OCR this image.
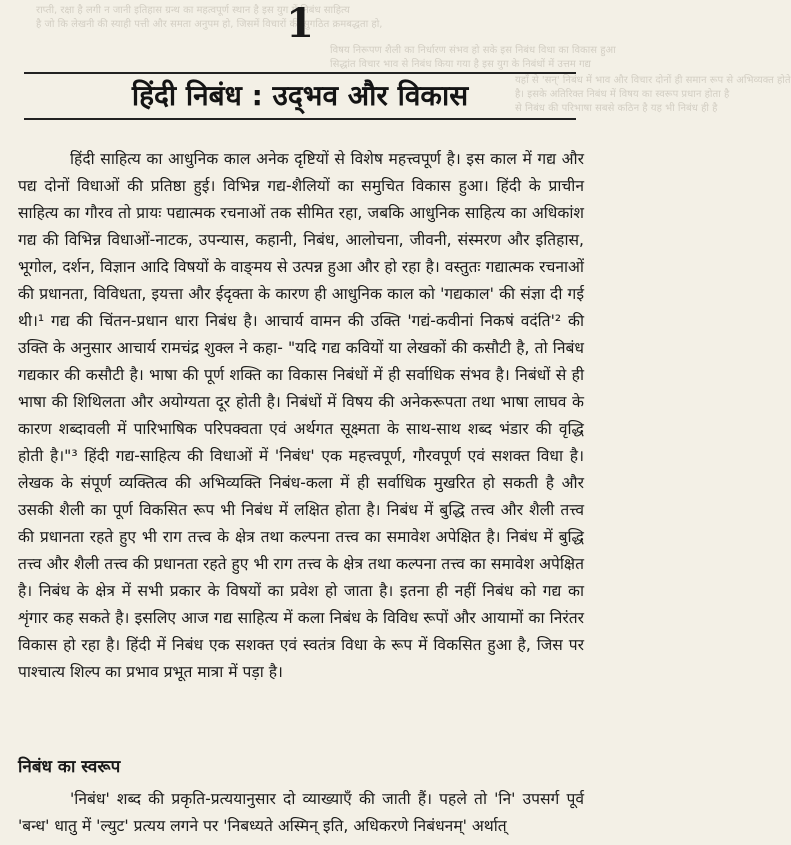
राप्ती, रक्षा है लगी न जानी इतिहास ग्रन्थ का महत्वपूर्ण स्थान है इस युग में निबंध साहित्य
है जो कि लेखनी की स्याही पत्ती और समता अनुपम हो, जिसमें विचारों की सुगठित क्रमबद्धता हो,
विषय निरूपण शैली का निर्धारण संभव हो सके इस निबंध विधा का विकास हुआ
सिद्धांत विचार भाव से निबंध किया गया है इस युग के निबंधों में उत्तम गद्य
यहाँ से 'सन्' निबंध में भाव और विचार दोनों ही समान रूप से अभिव्यक्त होते
है। इसके अतिरिक्त निबंध में विषय का स्वरूप प्रधान होता है
से निबंध की परिभाषा सबसे कठिन है यह भी निबंध ही है
1
हिंदी निबंध : उद्‌भव और विकास

हिंदी साहित्य का आधुनिक काल अनेक दृष्टियों से विशेष महत्त्वपूर्ण है। इस काल में गद्य और पद्य दोनों विधाओं की प्रतिष्ठा हुई। विभिन्न गद्य-शैलियों का समुचित विकास हुआ। हिंदी के प्राचीन साहित्य का गौरव तो प्रायः पद्यात्मक रचनाओं तक सीमित रहा, जबकि आधुनिक साहित्य का अधिकांश गद्य की विभिन्न विधाओं-नाटक, उपन्यास, कहानी, निबंध, आलोचना, जीवनी, संस्मरण और इतिहास, भूगोल, दर्शन, विज्ञान आदि विषयों के वाङ्‌मय से उत्पन्न हुआ और हो रहा है। वस्तुतः गद्यात्मक रचनाओं की प्रधानता, विविधता, इयत्ता और ईदृक्ता के कारण ही आधुनिक काल को 'गद्यकाल' की संज्ञा दी गई थी।¹ गद्य की चिंतन-प्रधान धारा निबंध है। आचार्य वामन की उक्ति 'गद्यं-कवीनां निकषं वदंति'² की उक्ति के अनुसार आचार्य रामचंद्र शुक्ल ने कहा- "यदि गद्य कवियों या लेखकों की कसौटी है, तो निबंध गद्यकार की कसौटी है। भाषा की पूर्ण शक्ति का विकास निबंधों में ही सर्वाधिक संभव है। निबंधों से ही भाषा की शिथिलता और अयोग्यता दूर होती है। निबंधों में विषय की अनेकरूपता तथा भाषा लाघव के कारण शब्दावली में पारिभाषिक परिपक्वता एवं अर्थगत सूक्ष्मता के साथ-साथ शब्द भंडार की वृद्धि होती है।"³ हिंदी गद्य-साहित्य की विधाओं में 'निबंध' एक महत्त्वपूर्ण, गौरवपूर्ण एवं सशक्त विधा है। लेखक के संपूर्ण व्यक्तित्व की अभिव्यक्ति निबंध-कला में ही सर्वाधिक मुखरित हो सकती है और उसकी शैली का पूर्ण विकसित रूप भी निबंध में लक्षित होता है। निबंध में बुद्धि तत्त्व और शैली तत्त्व की प्रधानता रहते हुए भी राग तत्त्व के क्षेत्र तथा कल्पना तत्त्व का समावेश अपेक्षित है। निबंध में बुद्धि तत्त्व और शैली तत्त्व की प्रधानता रहते हुए भी राग तत्त्व के क्षेत्र तथा कल्पना तत्त्व का समावेश अपेक्षित है। निबंध के क्षेत्र में सभी प्रकार के विषयों का प्रवेश हो जाता है। इतना ही नहीं निबंध को गद्य का शृंगार कह सकते है। इसलिए आज गद्य साहित्य में कला निबंध के विविध रूपों और आयामों का निरंतर विकास हो रहा है। हिंदी में निबंध एक सशक्त एवं स्वतंत्र विधा के रूप में विकसित हुआ है, जिस पर पाश्चात्य शिल्प का प्रभाव प्रभूत मात्रा में पड़ा है।

निबंध का स्वरूप

'निबंध' शब्द की प्रकृति-प्रत्ययानुसार दो व्याख्याएँ की जाती हैं। पहले तो 'नि' उपसर्ग पूर्व 'बन्ध' धातु में 'ल्युट' प्रत्यय लगने पर 'निबध्यते अस्मिन्‌ इति, अधिकरणे निबंधनम्‌' अर्थात्‌
